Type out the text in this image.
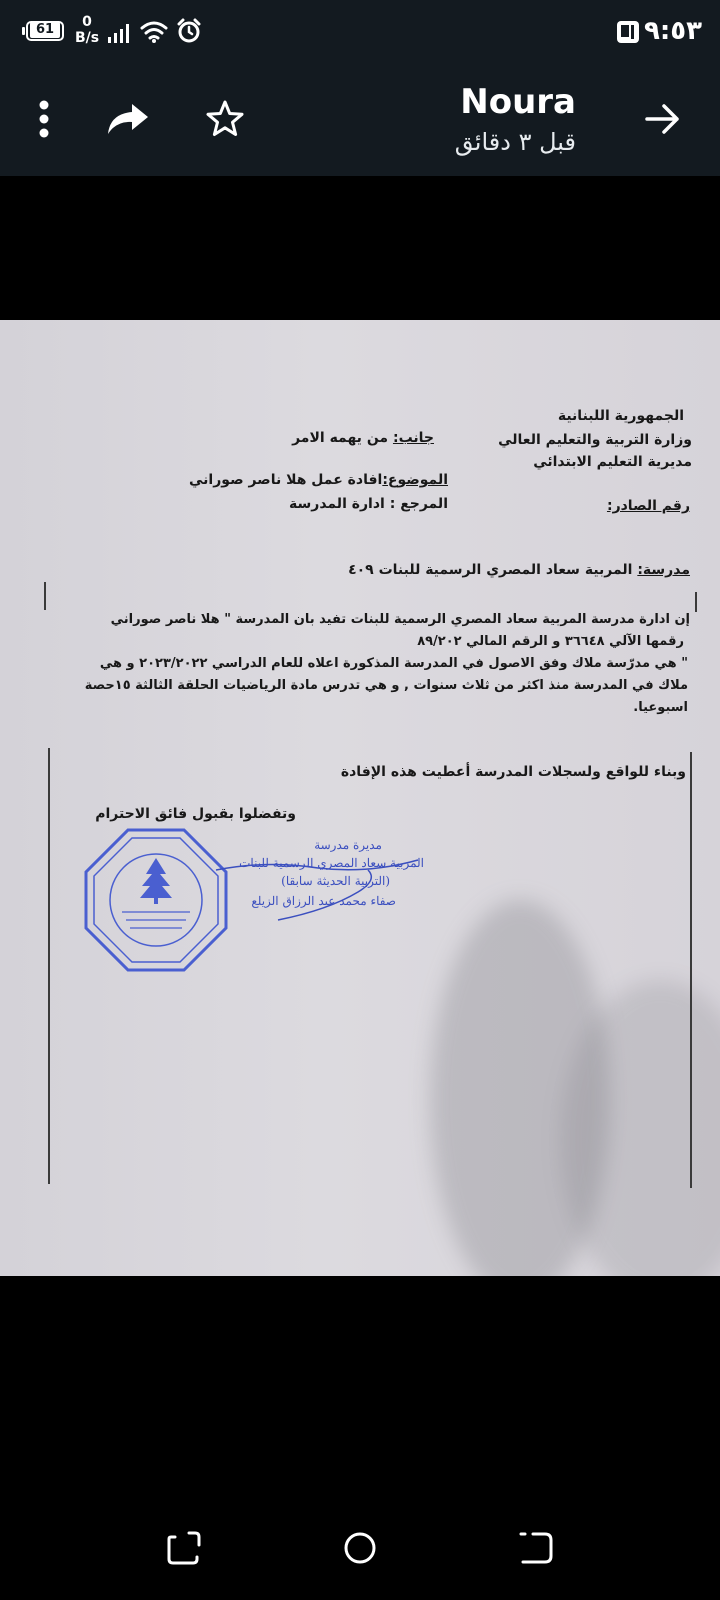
61	0
B/s	٩:٥٣
Noura
قبل ٣ دقائق
الجمهورية اللبنانية
وزارة التربية والتعليم العالي
مديرية التعليم الابتدائي
رقم الصادر:
جانب: من يهمه الامر
الموضوع:افادة عمل هلا ناصر صوراني
المرجع : ادارة المدرسة
مدرسة: المربية سعاد المصري الرسمية للبنات ٤٠٩
إن ادارة مدرسة المربية سعاد المصري الرسمية للبنات تفيد بان المدرسة " هلا ناصر صوراني
رقمها الآلي ٣٦٦٤٨ و الرقم المالي ٨٩/٢٠٢
" هي مدرّسة ملاك وفق الاصول في المدرسة المذكورة اعلاه للعام الدراسي ٢٠٢٣/٢٠٢٢ و هي
ملاك في المدرسة منذ اكثر من ثلاث سنوات , و هي تدرس مادة الرياضيات الحلقة الثالثة ١٥حصة
اسبوعيا.
وبناء للواقع ولسجلات المدرسة أعطيت هذه الإفادة
وتفضلوا بقبول فائق الاحترام
مديرة مدرسة
المربية سعاد المصري الرسمية للبنات
(التربية الحديثة سابقا)
صفاء محمد عبد الرزاق الزيلع
